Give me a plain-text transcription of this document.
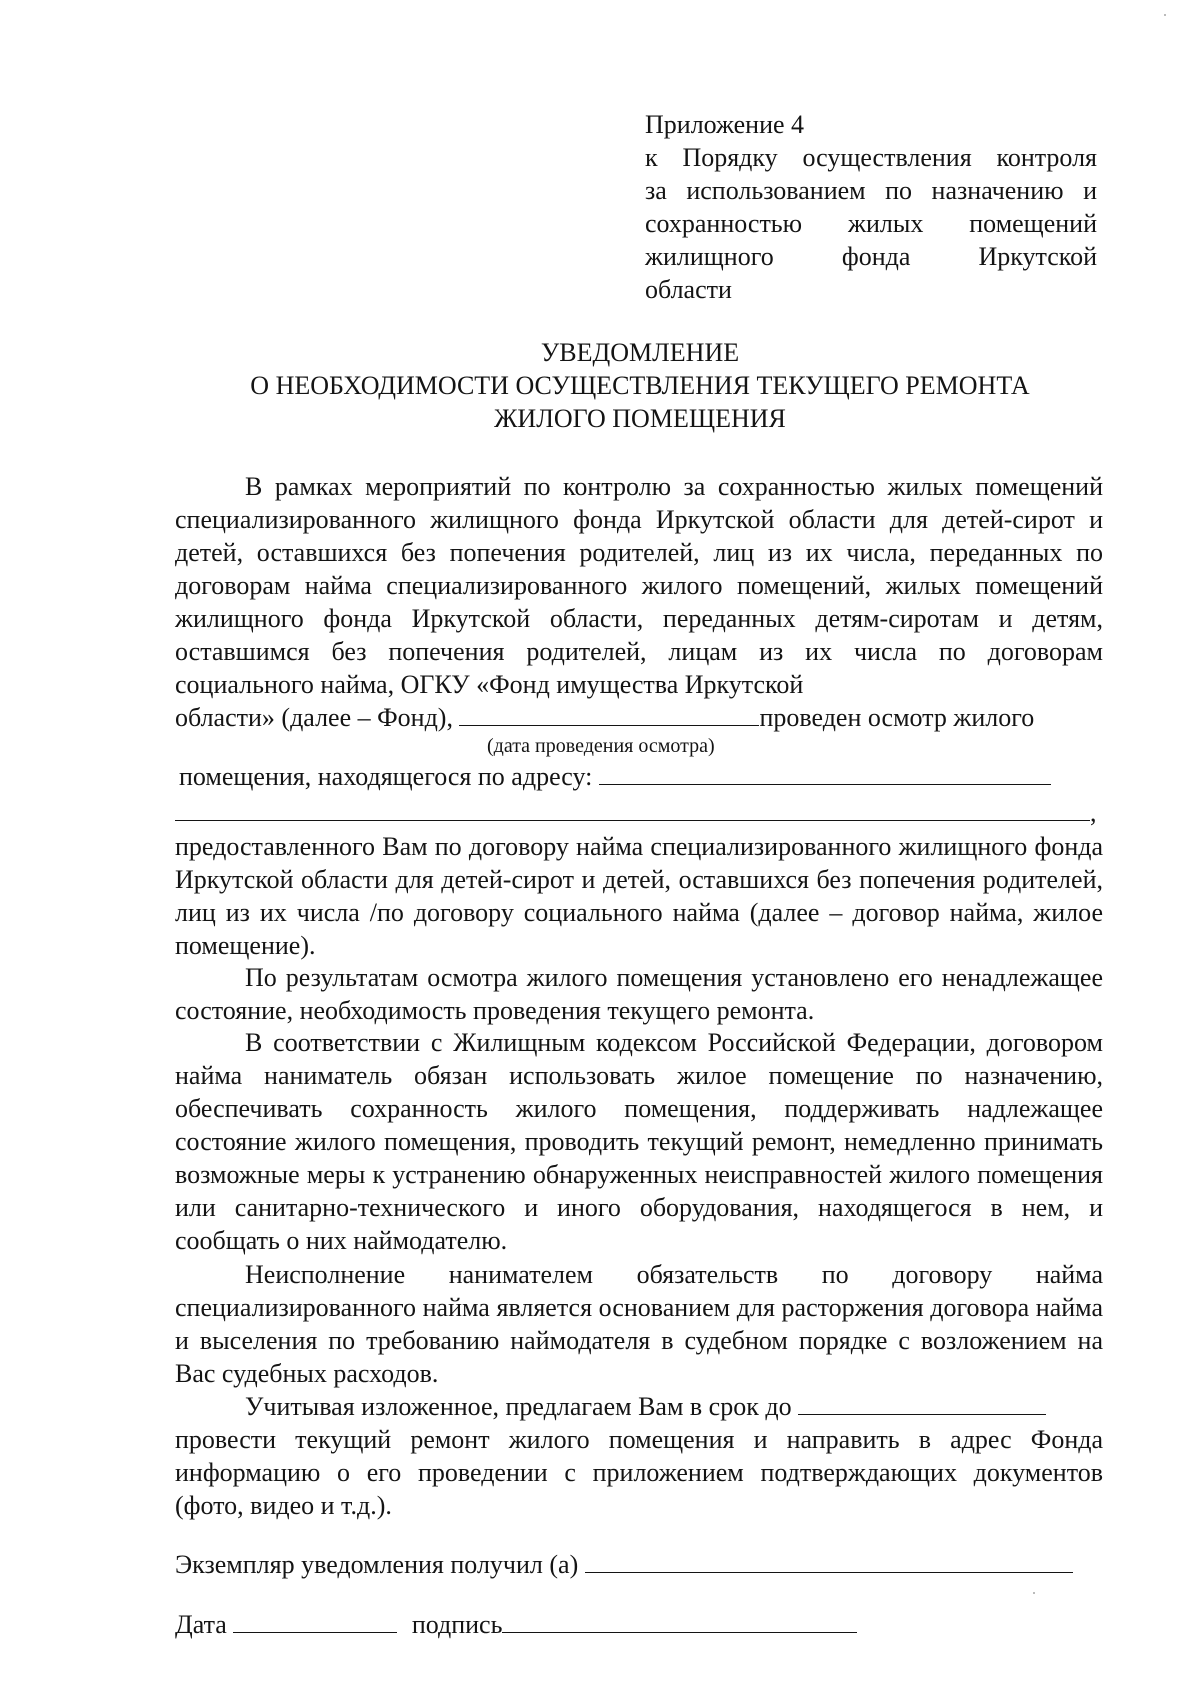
Приложение 4
к Порядку осуществления контроля
за использованием по назначению и
сохранностью жилых помещений
жилищного фонда Иркутской
области
УВЕДОМЛЕНИЕ
О НЕОБХОДИМОСТИ ОСУЩЕСТВЛЕНИЯ ТЕКУЩЕГО РЕМОНТА
ЖИЛОГО ПОМЕЩЕНИЯ
В рамках мероприятий по контролю за сохранностью жилых помещений специализированного жилищного фонда Иркутской области для детей-сирот и детей, оставшихся без попечения родителей, лиц из их числа, переданных по договорам найма специализированного жилого помещений, жилых помещений жилищного фонда Иркутской области, переданных детям-сиротам и детям, оставшимся без попечения родителей, лицам из их числа по договорам социального найма, ОГКУ «Фонд имущества Иркутской
области» (далее – Фонд),	проведен осмотр жилого
(дата проведения осмотра)
помещения, находящегося по адресу:
,
предоставленного Вам по договору найма специализированного жилищного фонда Иркутской области для детей-сирот и детей, оставшихся без попечения родителей, лиц из их числа /по договору социального найма (далее – договор найма, жилое помещение).
По результатам осмотра жилого помещения установлено его ненадлежащее состояние, необходимость проведения текущего ремонта.
В соответствии с Жилищным кодексом Российской Федерации, договором найма наниматель обязан использовать жилое помещение по назначению, обеспечивать сохранность жилого помещения, поддерживать надлежащее состояние жилого помещения, проводить текущий ремонт, немедленно принимать возможные меры к устранению обнаруженных неисправностей жилого помещения или санитарно-технического и иного оборудования, находящегося в нем, и сообщать о них наймодателю.
Неисполнение нанимателем обязательств по договору найма специализированного найма является основанием для расторжения договора найма и выселения по требованию наймодателя в судебном порядке с возложением на Вас судебных расходов.
Учитывая изложенное, предлагаем Вам в срок до
провести текущий ремонт жилого помещения и направить в адрес Фонда информацию о его проведении с приложением подтверждающих документов (фото, видео и т.д.).
Экземпляр уведомления получил (а)
Дата	подпись
